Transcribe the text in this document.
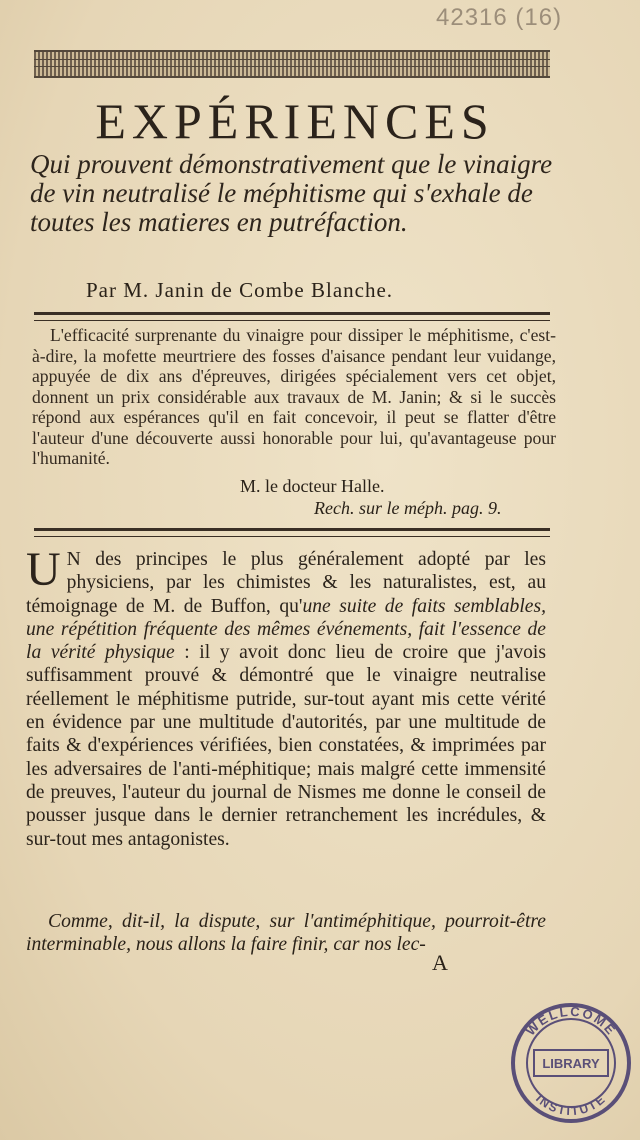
42316 (16)
EXPÉRIENCES
Qui prouvent démonstrativement que le vinaigre de vin neutralisé le méphitisme qui s'exhale de toutes les matieres en putréfaction.
Par M. Janin de Combe Blanche.
L'efficacité surprenante du vinaigre pour dissiper le méphitisme, c'est-à-dire, la mofette meurtriere des fosses d'aisance pendant leur vuidange, appuyée de dix ans d'épreuves, dirigées spécialement vers cet objet, donnent un prix considérable aux travaux de M. Janin; & si le succès répond aux espérances qu'il en fait concevoir, il peut se flatter d'être l'auteur d'une découverte aussi honorable pour lui, qu'avantageuse pour l'humanité.
M. le docteur Halle.
Rech. sur le méph. pag. 9.
U N des principes le plus généralement adopté par les physiciens, par les chimistes & les naturalistes, est, au témoignage de M. de Buffon, qu'une suite de faits semblables, une répétition fréquente des mêmes événements, fait l'essence de la vérité physique : il y avoit donc lieu de croire que j'avois suffisamment prouvé & démontré que le vinaigre neutralise réellement le méphitisme putride, sur-tout ayant mis cette vérité en évidence par une multitude d'autorités, par une multitude de faits & d'expériences vérifiées, bien constatées, & imprimées par les adversaires de l'anti-méphitique; mais malgré cette immensité de preuves, l'auteur du journal de Nismes me donne le conseil de pousser jusque dans le dernier retranchement les incrédules, & sur-tout mes antagonistes.
Comme, dit-il, la dispute, sur l'antiméphitique, pourroit-être interminable, nous allons la faire finir, car nos lec-
A
WELLCOME
LIBRARY
INSTITUTE
